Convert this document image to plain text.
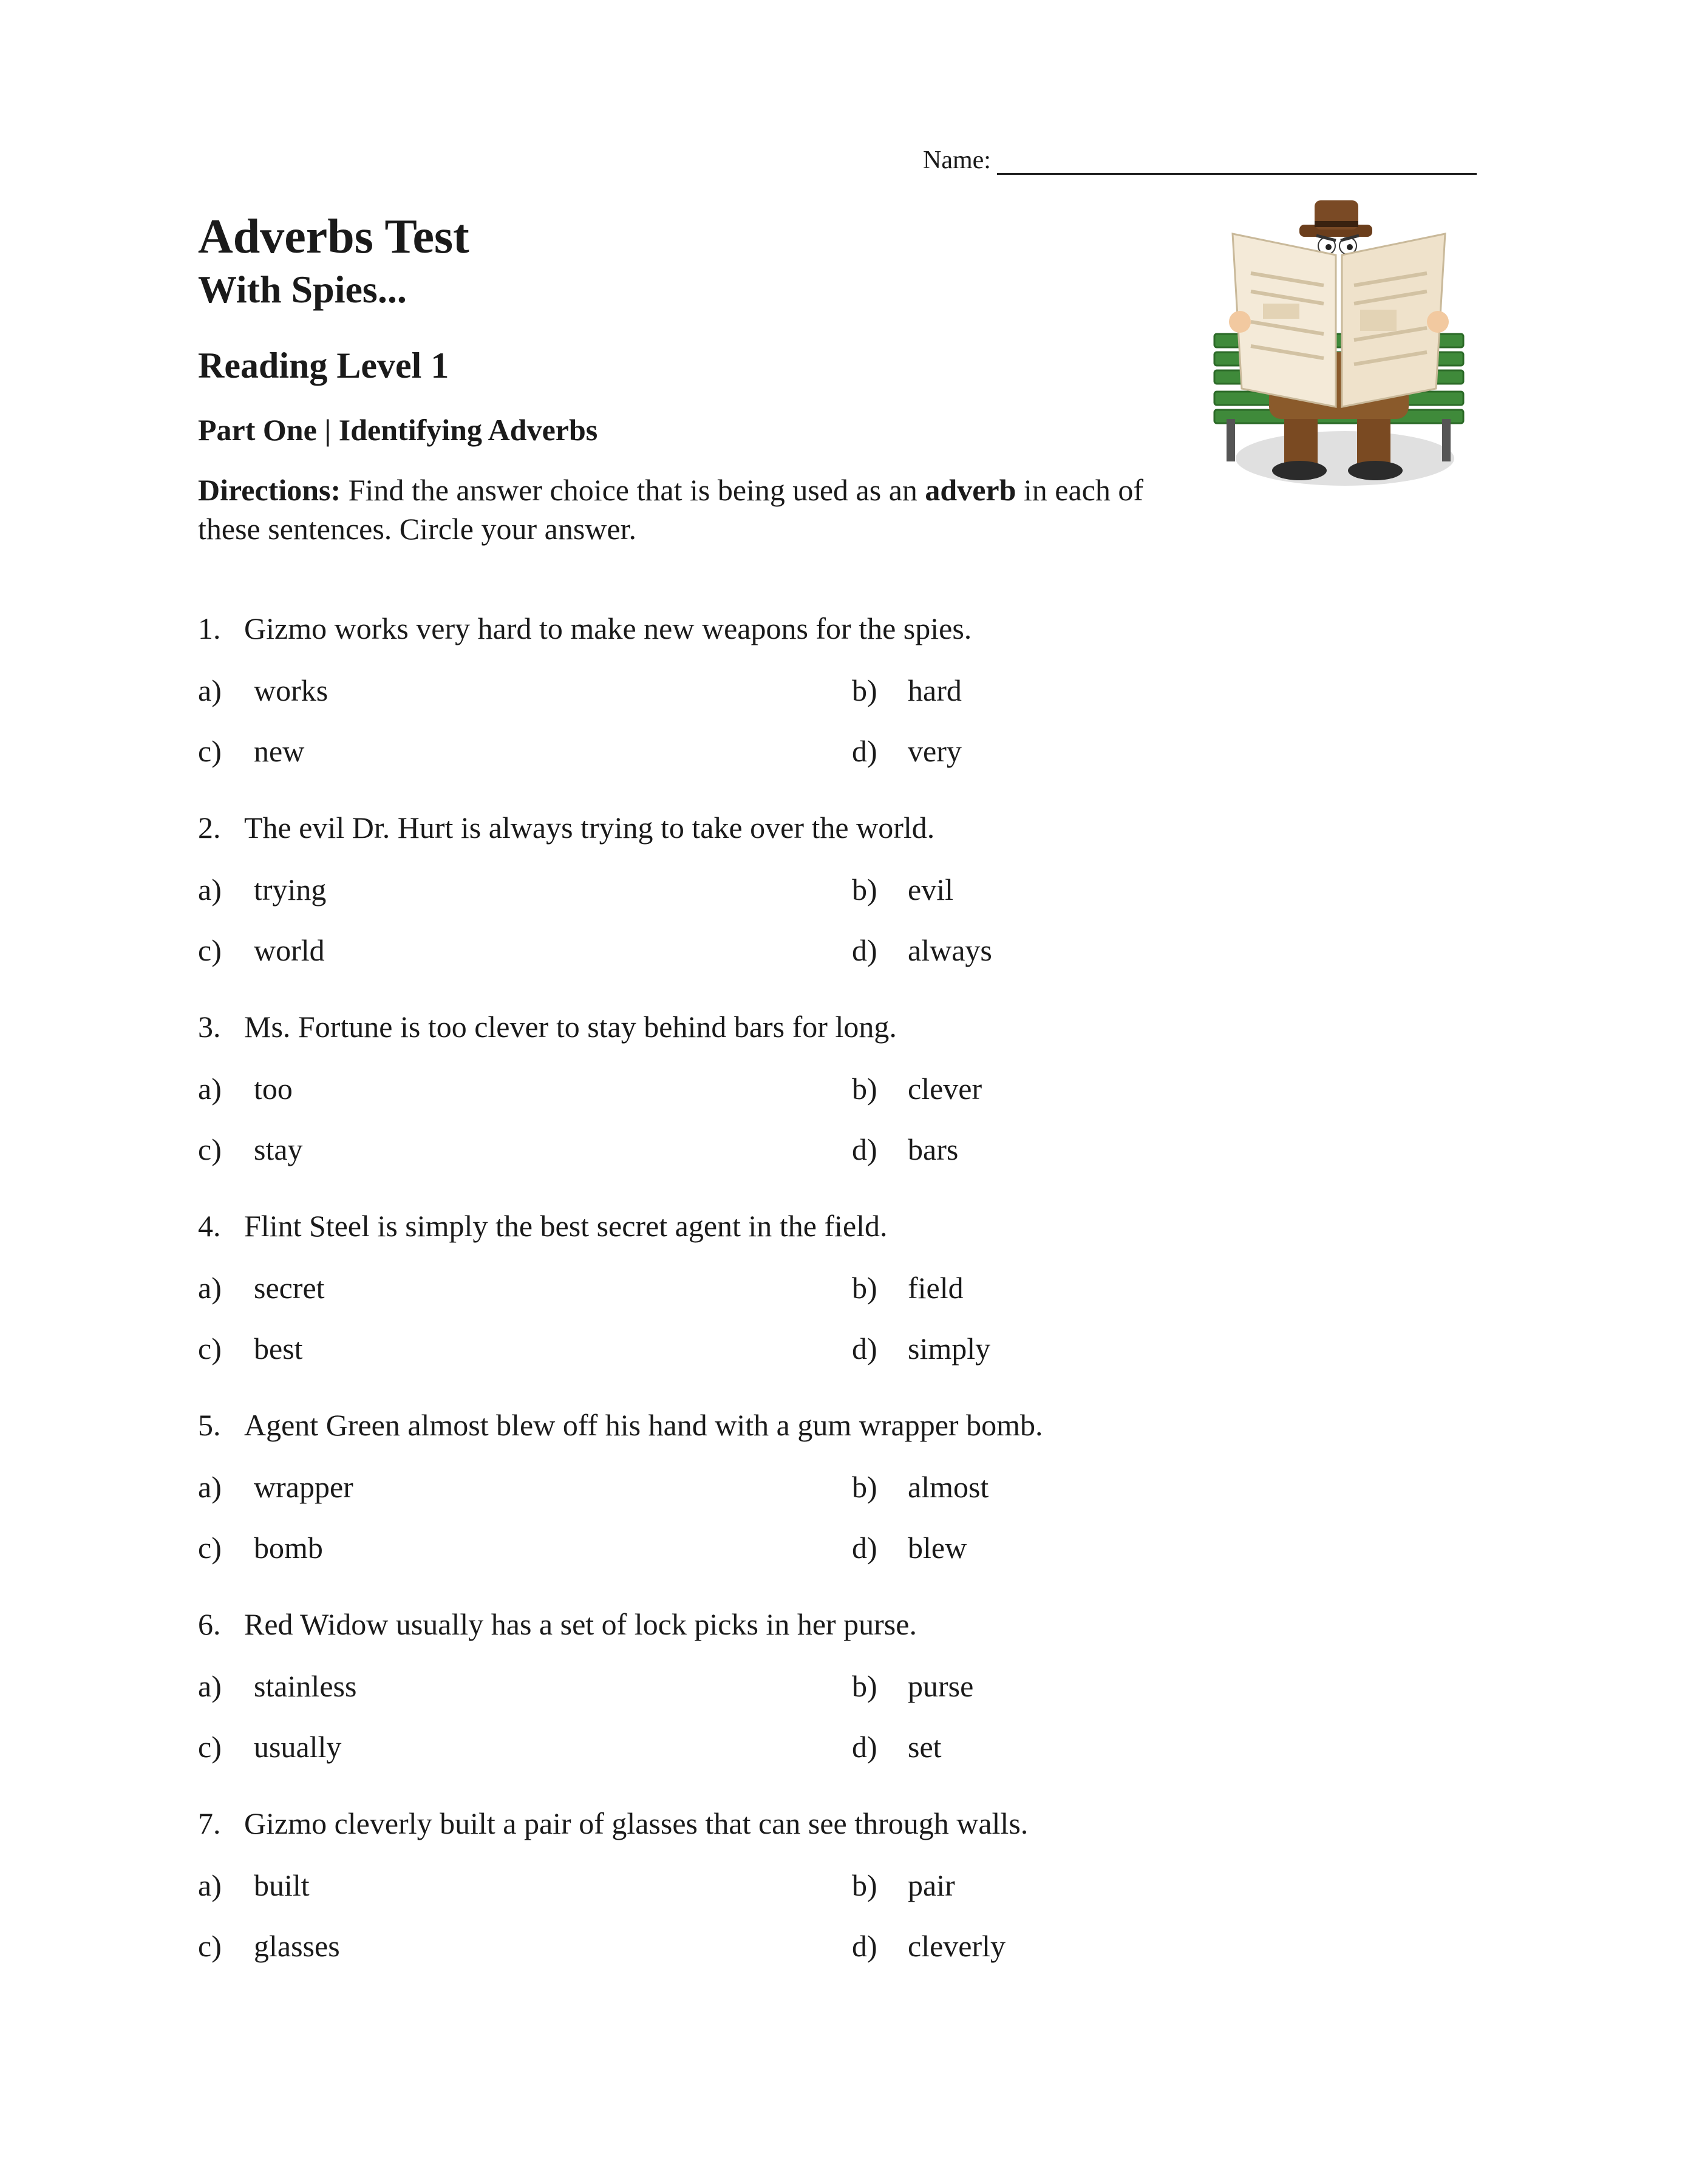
Name:
Adverbs Test
With Spies...
Reading Level 1
Part One | Identifying Adverbs
Directions: Find the answer choice that is being used as an adverb in each of these sentences. Circle your answer.
1. Gizmo works very hard to make new weapons for the spies.
a) works	b) hard
c) new	d) very
2. The evil Dr. Hurt is always trying to take over the world.
a) trying	b) evil
c) world	d) always
3. Ms. Fortune is too clever to stay behind bars for long.
a) too	b) clever
c) stay	d) bars
4. Flint Steel is simply the best secret agent in the field.
a) secret	b) field
c) best	d) simply
5. Agent Green almost blew off his hand with a gum wrapper bomb.
a) wrapper	b) almost
c) bomb	d) blew
6. Red Widow usually has a set of lock picks in her purse.
a) stainless	b) purse
c) usually	d) set
7. Gizmo cleverly built a pair of glasses that can see through walls.
a) built	b) pair
c) glasses	d) cleverly
